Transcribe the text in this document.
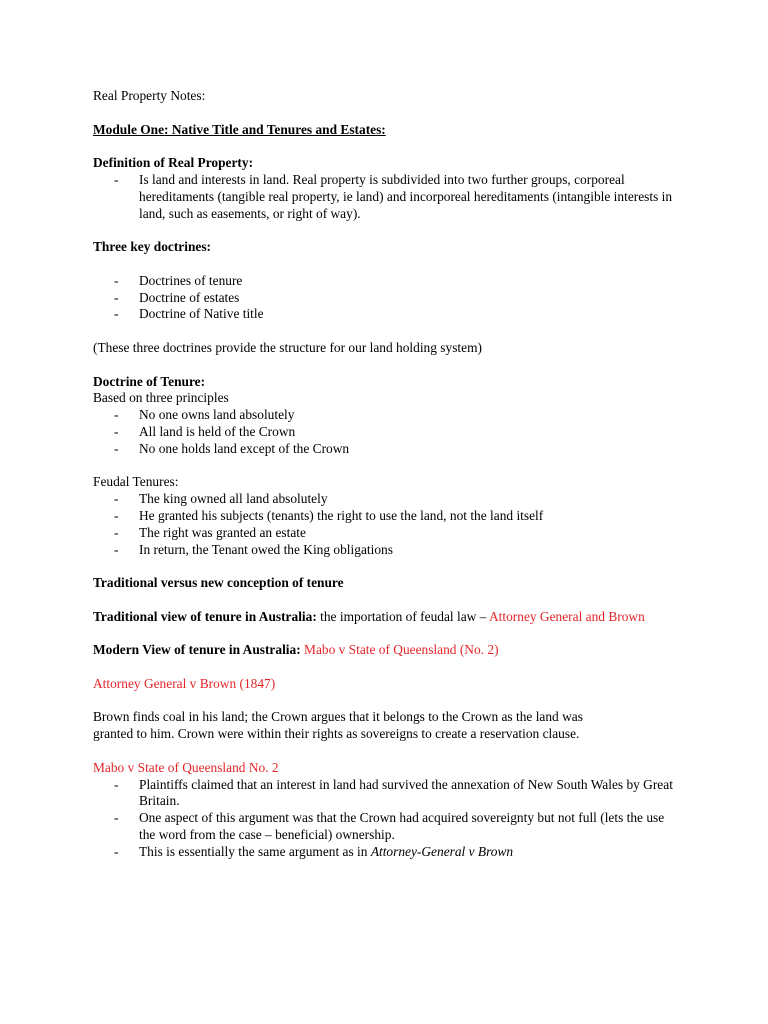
Real Property Notes:

Module One: Native Title and Tenures and Estates:

Definition of Real Property:

- Is land and interests in land. Real property is subdivided into two further groups, corporeal hereditaments (tangible real property, ie land) and incorporeal hereditaments (intangible interests in land, such as easements, or right of way).

Three key doctrines:

- Doctrines of tenure
- Doctrine of estates
- Doctrine of Native title

(These three doctrines provide the structure for our land holding system)

Doctrine of Tenure:

Based on three principles

- No one owns land absolutely
- All land is held of the Crown
- No one holds land except of the Crown

Feudal Tenures:

- The king owned all land absolutely
- He granted his subjects (tenants) the right to use the land, not the land itself
- The right was granted an estate
- In return, the Tenant owed the King obligations

Traditional versus new conception of tenure

Traditional view of tenure in Australia: the importation of feudal law – Attorney General and Brown

Modern View of tenure in Australia: Mabo v State of Queensland (No. 2)

Attorney General v Brown (1847)

Brown finds coal in his land; the Crown argues that it belongs to the Crown as the land was granted to him. Crown were within their rights as sovereigns to create a reservation clause.

Mabo v State of Queensland No. 2

- Plaintiffs claimed that an interest in land had survived the annexation of New South Wales by Great Britain.
- One aspect of this argument was that the Crown had acquired sovereignty but not full (lets the use the word from the case – beneficial) ownership.
- This is essentially the same argument as in Attorney-General v Brown
